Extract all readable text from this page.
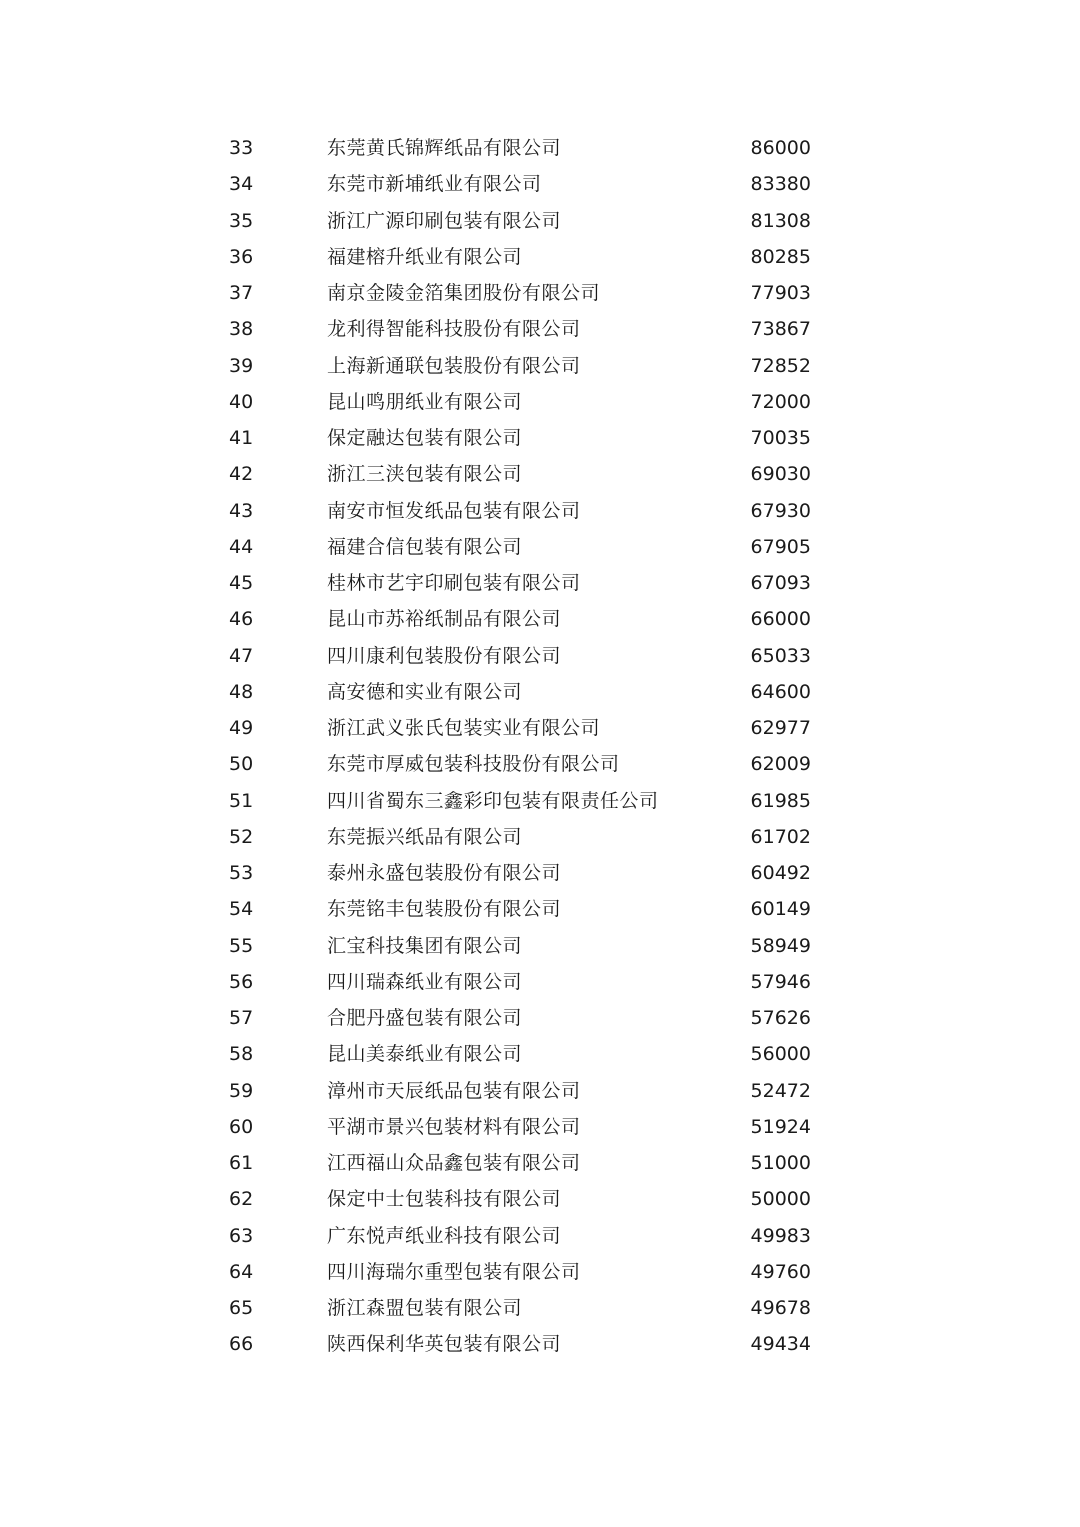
33	东莞黄氏锦辉纸品有限公司	86000
34	东莞市新埔纸业有限公司	83380
35	浙江广源印刷包装有限公司	81308
36	福建榕升纸业有限公司	80285
37	南京金陵金箔集团股份有限公司	77903
38	龙利得智能科技股份有限公司	73867
39	上海新通联包装股份有限公司	72852
40	昆山鸣朋纸业有限公司	72000
41	保定融达包装有限公司	70035
42	浙江三浃包装有限公司	69030
43	南安市恒发纸品包装有限公司	67930
44	福建合信包装有限公司	67905
45	桂林市艺宇印刷包装有限公司	67093
46	昆山市苏裕纸制品有限公司	66000
47	四川康利包装股份有限公司	65033
48	高安德和实业有限公司	64600
49	浙江武义张氏包装实业有限公司	62977
50	东莞市厚威包装科技股份有限公司	62009
51	四川省蜀东三鑫彩印包装有限责任公司	61985
52	东莞振兴纸品有限公司	61702
53	泰州永盛包装股份有限公司	60492
54	东莞铭丰包装股份有限公司	60149
55	汇宝科技集团有限公司	58949
56	四川瑞森纸业有限公司	57946
57	合肥丹盛包装有限公司	57626
58	昆山美泰纸业有限公司	56000
59	漳州市天辰纸品包装有限公司	52472
60	平湖市景兴包装材料有限公司	51924
61	江西福山众品鑫包装有限公司	51000
62	保定中士包装科技有限公司	50000
63	广东悦声纸业科技有限公司	49983
64	四川海瑞尔重型包装有限公司	49760
65	浙江森盟包装有限公司	49678
66	陕西保利华英包装有限公司	49434
